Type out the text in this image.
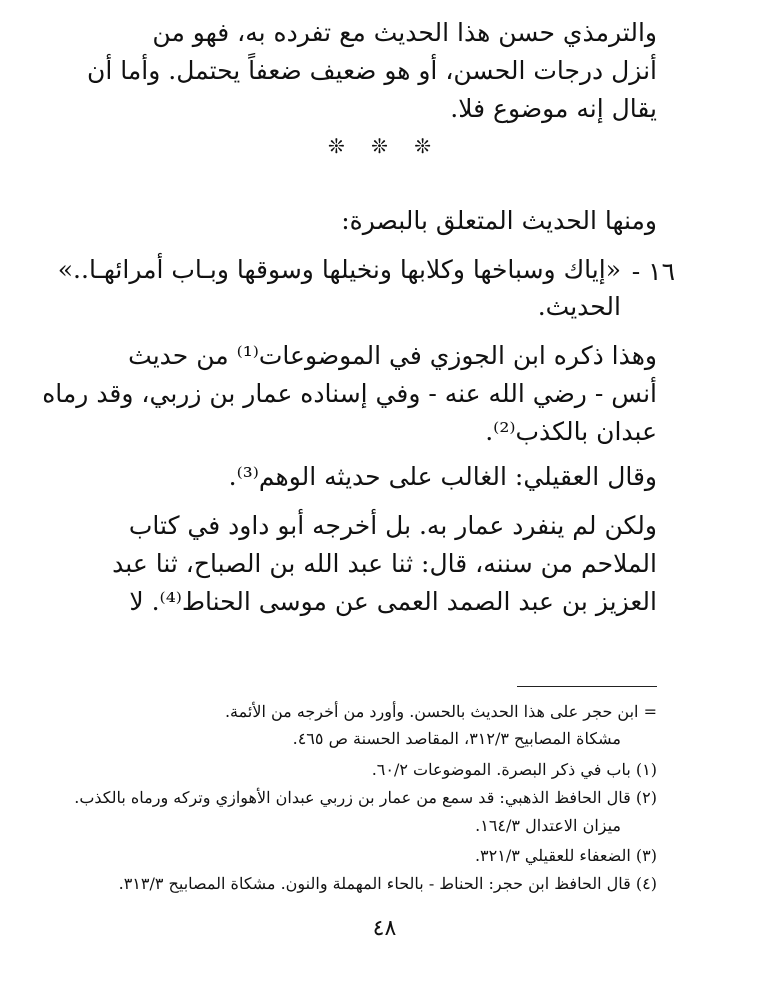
والترمذي حسن هذا الحديث مع تفرده به، فهو من
أنزل درجات الحسن، أو هو ضعيف ضعفاً يحتمل. وأما أن
يقال إنه موضوع فلا.
❊ ❊ ❊
ومنها الحديث المتعلق بالبصرة:
١٦ -
«إياك وسباخها وكلابها ونخيلها وسوقها وبـاب أمرائهـا..»
الحديث.
وهذا ذكره ابن الجوزي في الموضوعات⁽¹⁾ من حديث
أنس - رضي الله عنه - وفي إسناده عمار بن زربي، وقد رماه
عبدان بالكذب⁽²⁾.
وقال العقيلي: الغالب على حديثه الوهم⁽³⁾.
ولكن لم ينفرد عمار به. بل أخرجه أبو داود في كتاب
الملاحم من سننه، قال: ثنا عبد الله بن الصباح، ثنا عبد
العزيز بن عبد الصمد العمى عن موسى الحناط⁽⁴⁾. لا
= ابن حجر على هذا الحديث بالحسن. وأورد من أخرجه من الأئمة.
مشكاة المصابيح ٣١٢/٣، المقاصد الحسنة ص ٤٦٥.
(١) باب في ذكر البصرة. الموضوعات ٦٠/٢.
(٢) قال الحافظ الذهبي: قد سمع من عمار بن زربي عبدان الأهوازي وتركه ورماه بالكذب.
ميزان الاعتدال ١٦٤/٣.
(٣) الضعفاء للعقيلي ٣٢١/٣.
(٤) قال الحافظ ابن حجر: الحناط - بالحاء المهملة والنون. مشكاة المصابيح ٣١٣/٣.
٤٨
